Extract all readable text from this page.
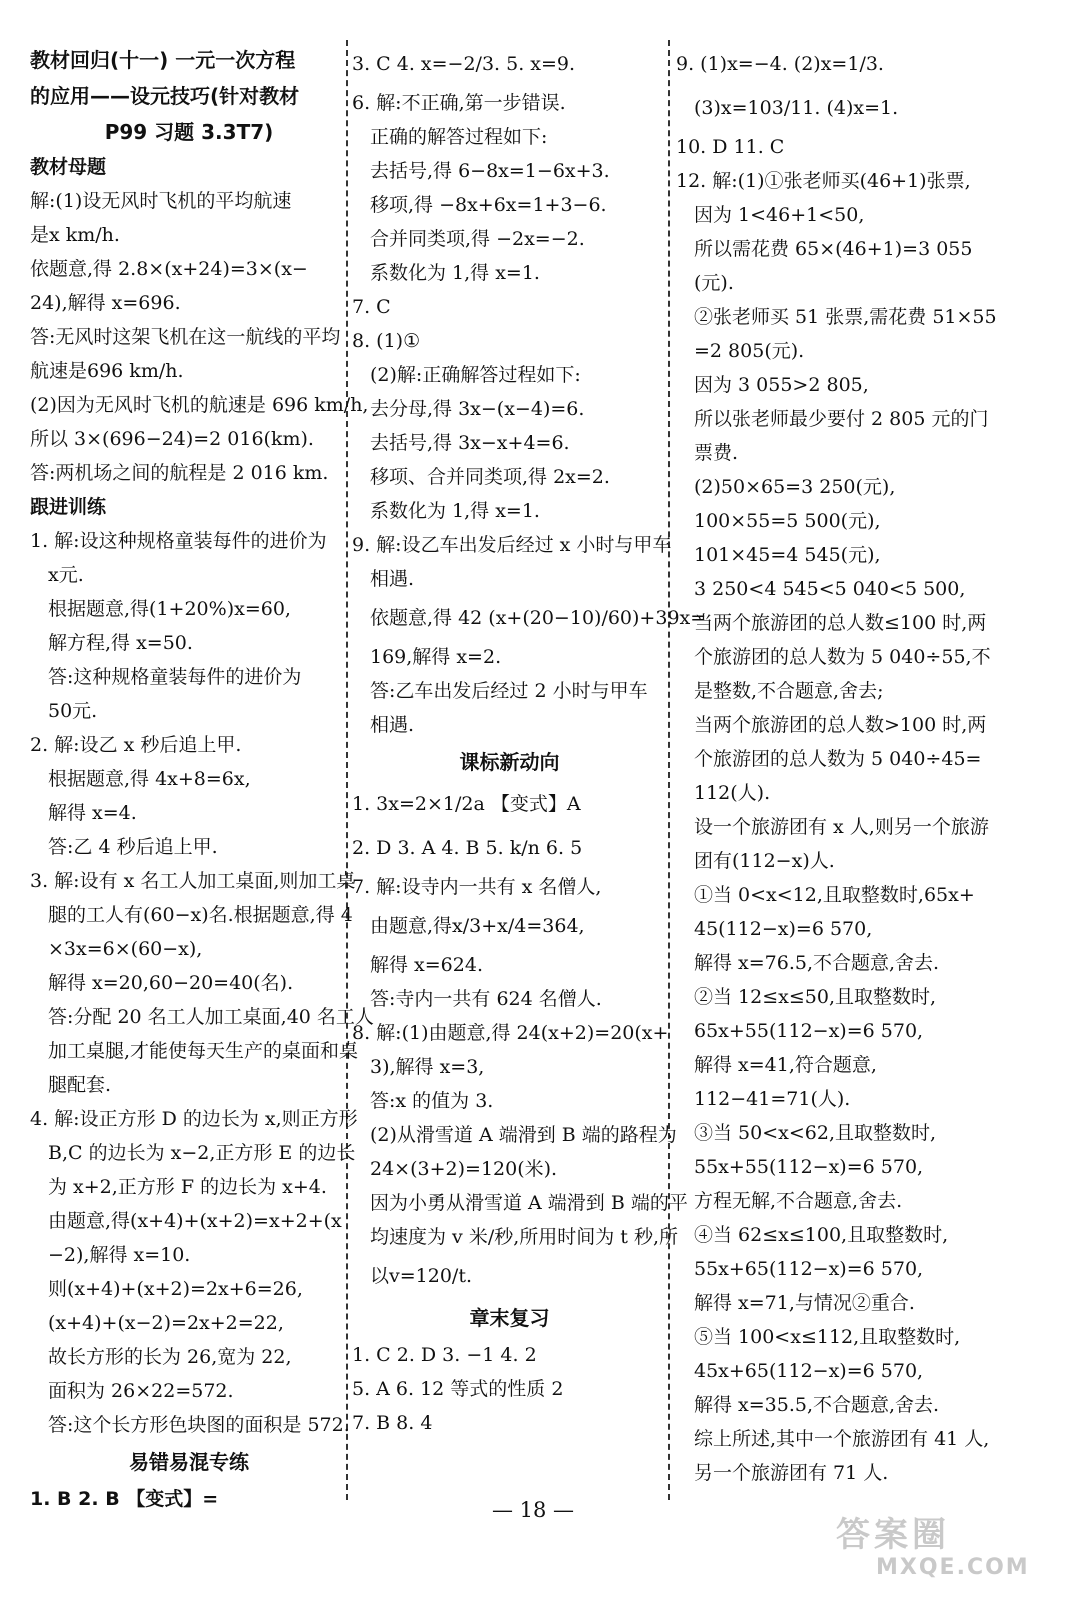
教材回归(十一) 一元一次方程
的应用——设元技巧(针对教材
P99 习题 3.3T7)
教材母题
解:(1)设无风时飞机的平均航速
是x km/h.
依题意,得 2.8×(x+24)=3×(x−
24),解得 x=696.
答:无风时这架飞机在这一航线的平均
航速是696 km/h.
(2)因为无风时飞机的航速是 696 km/h,
所以 3×(696−24)=2 016(km).
答:两机场之间的航程是 2 016 km.
跟进训练
1. 解:设这种规格童装每件的进价为
x元.
根据题意,得(1+20%)x=60,
解方程,得 x=50.
答:这种规格童装每件的进价为
50元.
2. 解:设乙 x 秒后追上甲.
根据题意,得 4x+8=6x,
解得 x=4.
答:乙 4 秒后追上甲.
3. 解:设有 x 名工人加工桌面,则加工桌
腿的工人有(60−x)名.根据题意,得 4
×3x=6×(60−x),
解得 x=20,60−20=40(名).
答:分配 20 名工人加工桌面,40 名工人
加工桌腿,才能使每天生产的桌面和桌
腿配套.
4. 解:设正方形 D 的边长为 x,则正方形
B,C 的边长为 x−2,正方形 E 的边长
为 x+2,正方形 F 的边长为 x+4.
由题意,得(x+4)+(x+2)=x+2+(x
−2),解得 x=10.
则(x+4)+(x+2)=2x+6=26,
(x+4)+(x−2)=2x+2=22,
故长方形的长为 26,宽为 22,
面积为 26×22=572.
答:这个长方形色块图的面积是 572.
易错易混专练
1. B 2. B 【变式】=
3. C 4. x=−2/3. 5. x=9.
6. 解:不正确,第一步错误.
正确的解答过程如下:
去括号,得 6−8x=1−6x+3.
移项,得 −8x+6x=1+3−6.
合并同类项,得 −2x=−2.
系数化为 1,得 x=1.
7. C
8. (1)①
(2)解:正确解答过程如下:
去分母,得 3x−(x−4)=6.
去括号,得 3x−x+4=6.
移项、合并同类项,得 2x=2.
系数化为 1,得 x=1.
9. 解:设乙车出发后经过 x 小时与甲车
相遇.
依题意,得 42 (x+(20−10)/60)+39x=
169,解得 x=2.
答:乙车出发后经过 2 小时与甲车
相遇.
课标新动向
1. 3x=2×1/2a 【变式】A
2. D 3. A 4. B 5. k/n 6. 5
7. 解:设寺内一共有 x 名僧人,
由题意,得x/3+x/4=364,
解得 x=624.
答:寺内一共有 624 名僧人.
8. 解:(1)由题意,得 24(x+2)=20(x+
3),解得 x=3,
答:x 的值为 3.
(2)从滑雪道 A 端滑到 B 端的路程为
24×(3+2)=120(米).
因为小勇从滑雪道 A 端滑到 B 端的平
均速度为 v 米/秒,所用时间为 t 秒,所
以v=120/t.
章末复习
1. C 2. D 3. −1 4. 2
5. A 6. 12 等式的性质 2
7. B 8. 4
9. (1)x=−4. (2)x=1/3.
(3)x=103/11. (4)x=1.
10. D 11. C
12. 解:(1)①张老师买(46+1)张票,
因为 1<46+1<50,
所以需花费 65×(46+1)=3 055
(元).
②张老师买 51 张票,需花费 51×55
=2 805(元).
因为 3 055>2 805,
所以张老师最少要付 2 805 元的门
票费.
(2)50×65=3 250(元),
100×55=5 500(元),
101×45=4 545(元),
3 250<4 545<5 040<5 500,
当两个旅游团的总人数≤100 时,两
个旅游团的总人数为 5 040÷55,不
是整数,不合题意,舍去;
当两个旅游团的总人数>100 时,两
个旅游团的总人数为 5 040÷45=
112(人).
设一个旅游团有 x 人,则另一个旅游
团有(112−x)人.
①当 0<x<12,且取整数时,65x+
45(112−x)=6 570,
解得 x=76.5,不合题意,舍去.
②当 12≤x≤50,且取整数时,
65x+55(112−x)=6 570,
解得 x=41,符合题意,
112−41=71(人).
③当 50<x<62,且取整数时,
55x+55(112−x)=6 570,
方程无解,不合题意,舍去.
④当 62≤x≤100,且取整数时,
55x+65(112−x)=6 570,
解得 x=71,与情况②重合.
⑤当 100<x≤112,且取整数时,
45x+65(112−x)=6 570,
解得 x=35.5,不合题意,舍去.
综上所述,其中一个旅游团有 41 人,
另一个旅游团有 71 人.
— 18 —
答案圈
MXQE.COM
